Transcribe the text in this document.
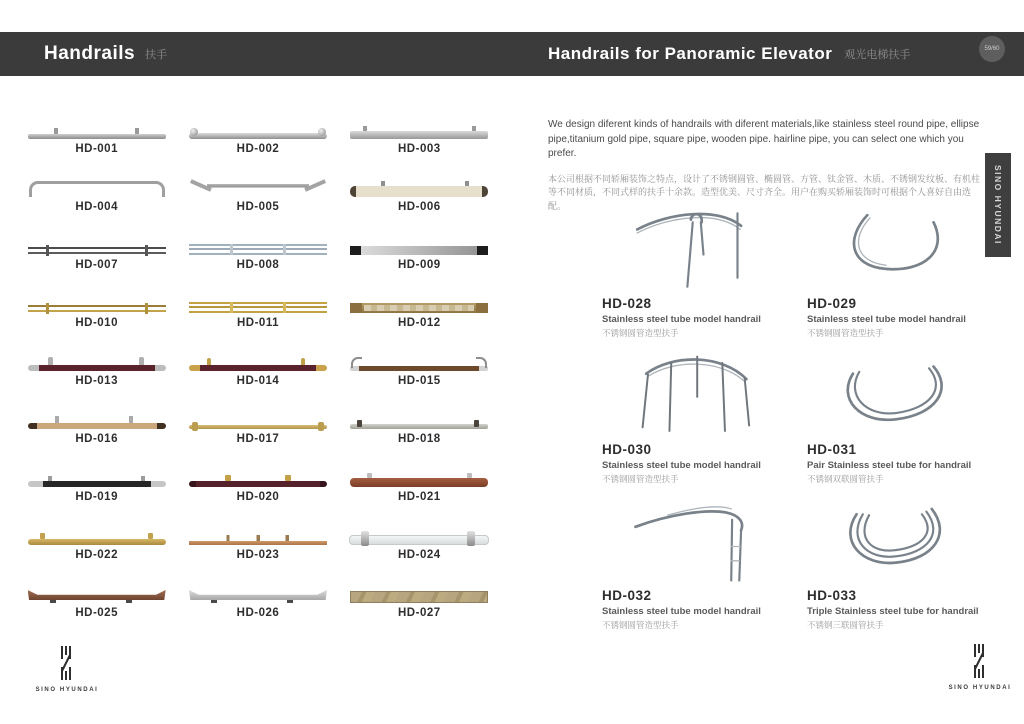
Handrails 扶手	Handrails for Panoramic Elevator 观光电梯扶手	59/60
HD-001	HD-002	HD-003
HD-004	HD-005	HD-006
HD-007	HD-008	HD-009
HD-010	HD-011	HD-012
HD-013	HD-014	HD-015
HD-016	HD-017	HD-018
HD-019	HD-020	HD-021
HD-022	HD-023	HD-024
HD-025	HD-026	HD-027

We design diferent kinds of handrails with diferent materials,like stainless steel round pipe, ellipse pipe,titanium gold pipe, square pipe, wooden pipe. hairline pipe, you can select one which you prefer.

本公司根据不同轿厢装饰之特点，设计了不锈钢圆管、椭圆管、方管、钛金管、木质、不锈钢发纹板、有机柱等不同材质，不同式样的扶手十余款。造型优美、尺寸齐全。用户在购买轿厢装饰时可根据个人喜好自由选配。

HD-028
Stainless steel tube model handrail
不锈钢圆管造型扶手
HD-029
Stainless steel tube model handrail
不锈钢圆管造型扶手
HD-030
Stainless steel tube model handrail
不锈钢圆管造型扶手
HD-031
Pair Stainless steel tube for handrail
不锈钢双联圆管扶手
HD-032
Stainless steel tube model handrail
不锈钢圆管造型扶手
HD-033
Triple Stainless steel tube for handrail
不锈钢三联圆管扶手
SINO HYUNDAI
SINO HYUNDAI	SINO HYUNDAI
